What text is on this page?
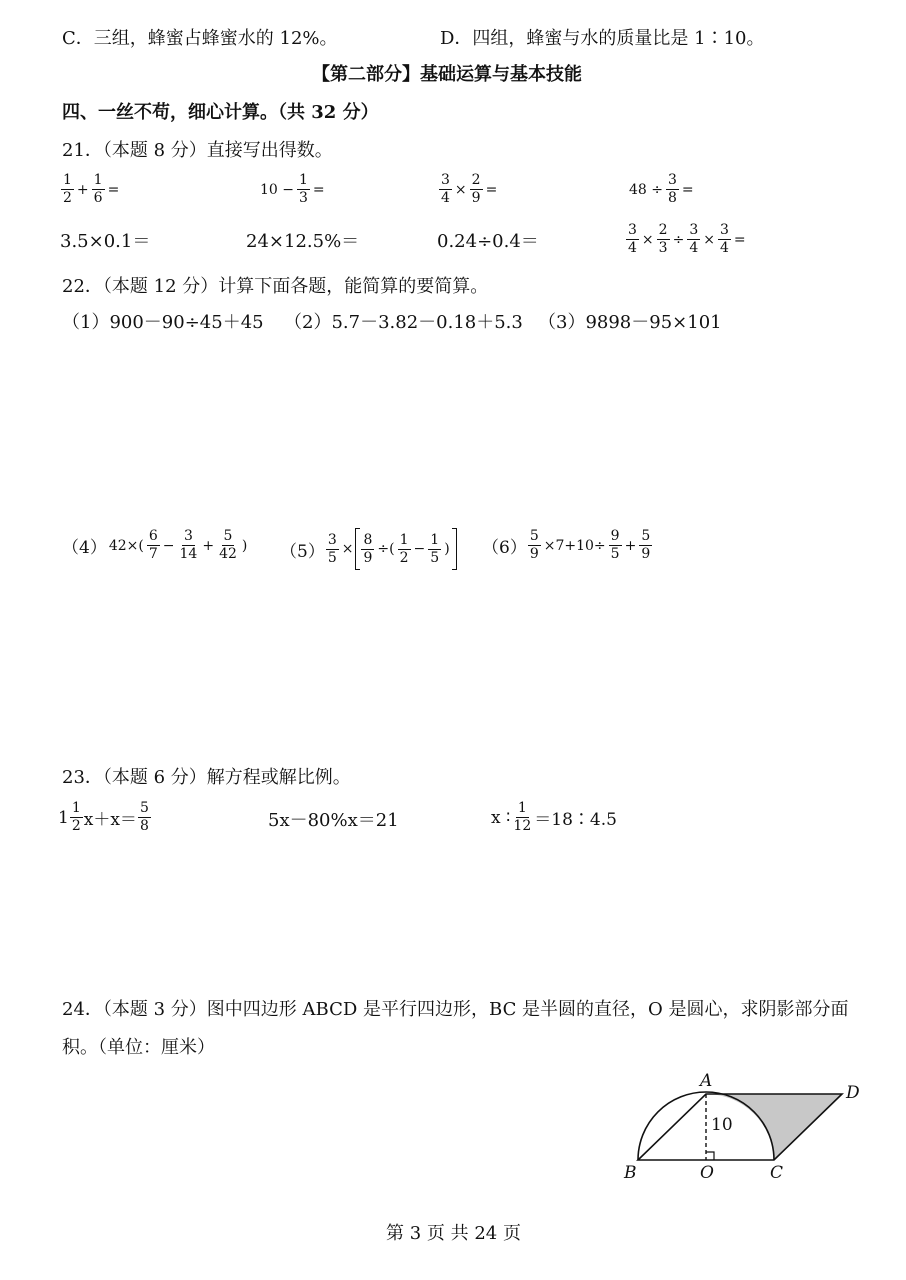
C．三组，蜂蜜占蜂蜜水的 12%。	D．四组，蜂蜜与水的质量比是 1∶10。
【第二部分】基础运算与基本技能
四、一丝不苟，细心计算。（共 32 分）
21．（本题 8 分）直接写出得数。
$\frac{1}{2} + \frac{1}{6}$ =	$10 - \frac{1}{3}$ =	$\frac{3}{4} \times \frac{2}{9}$ =	$48 \div \frac{3}{8}$ =
3.5×0.1＝	24×12.5%＝	0.24÷0.4＝	$\frac{3}{4} \times \frac{2}{3} \div \frac{3}{4} \times \frac{3}{4}$ =
22．（本题 12 分）计算下面各题，能简算的要简算。
（1）900－90÷45＋45 （2）5.7－3.82－0.18＋5.3 （3）9898－95×101
（4） $42\times( \frac{6}{7} - \frac{3}{14} + \frac{5}{42}$ ) $(5) \frac{3}{5} \times \frac{8}{9}$ ÷( $\frac{1}{2} - \frac{1}{5}$ ) $(6) \frac{5}{9} \times 7+10\div \frac{9}{5} + \frac{5}{9}$
23．（本题 6 分）解方程或解比例。
$1 \frac{1}{2} x+x= \frac{5}{8}$	5x－80%x＝21	x ∶ $\frac{1}{12}$ ＝18∶4.5
24．（本题 3 分）图中四边形 ABCD 是平行四边形，BC 是半圆的直径，O 是圆心，求阴影部分面
积。（单位：厘米）
A
D
B	O	C
10
第 3 页 共 24 页
